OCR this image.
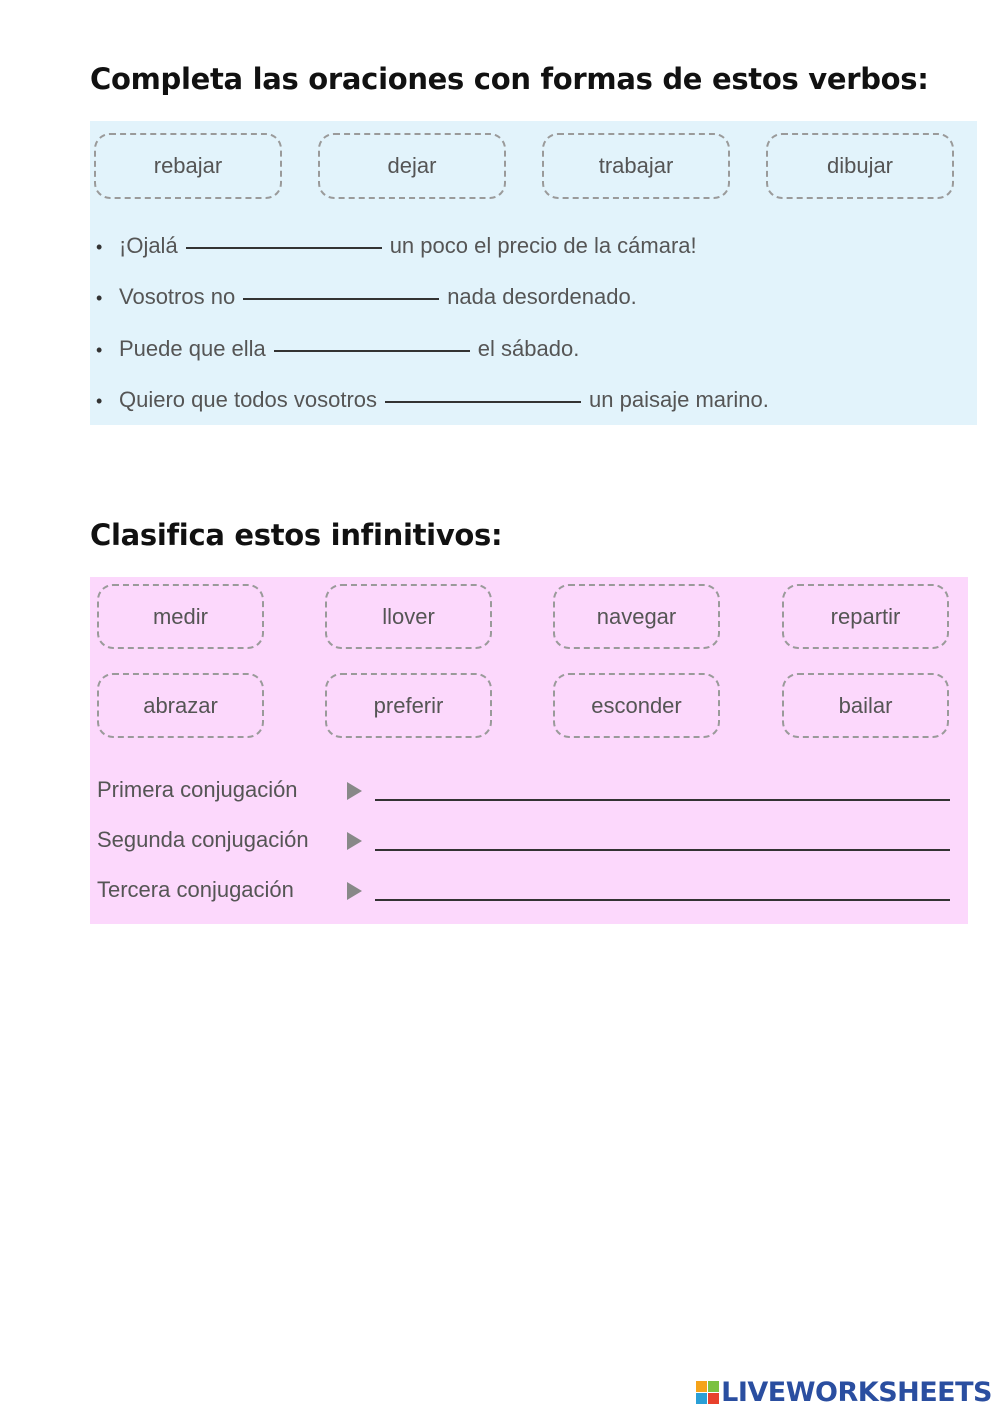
Completa las oraciones con formas de estos verbos:
rebajar	dejar	trabajar	dibujar
• ¡Ojalá	un poco el precio de la cámara!
• Vosotros no	nada desordenado.
• Puede que ella	el sábado.
• Quiero que todos vosotros	un paisaje marino.
Clasifica estos infinitivos:
medir	llover	navegar	repartir
abrazar	preferir	esconder	bailar
Primera conjugación
Segunda conjugación
Tercera conjugación
LIVEWORKSHEETS
